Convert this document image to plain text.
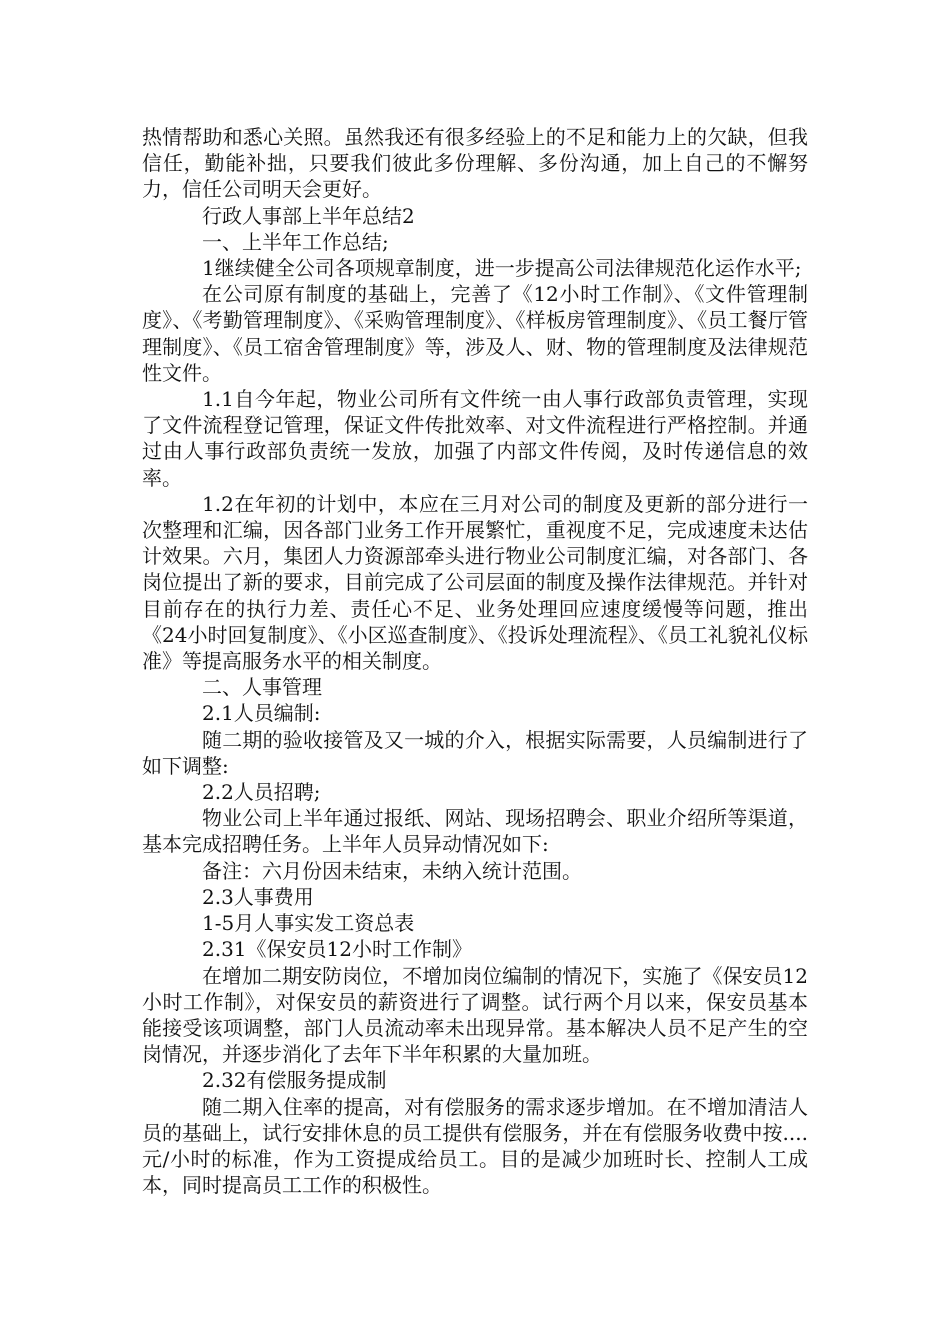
热情帮助和悉心关照。虽然我还有很多经验上的不足和能力上的欠缺，但我信任，勤能补拙，只要我们彼此多份理解、多份沟通，加上自己的不懈努力，信任公司明天会更好。

行政人事部上半年总结2

一、上半年工作总结;

1继续健全公司各项规章制度，进一步提高公司法律规范化运作水平;

在公司原有制度的基础上，完善了《12小时工作制》、《文件管理制度》、《考勤管理制度》、《采购管理制度》、《样板房管理制度》、《员工餐厅管理制度》、《员工宿舍管理制度》等，涉及人、财、物的管理制度及法律规范性文件。

1.1自今年起，物业公司所有文件统一由人事行政部负责管理，实现了文件流程登记管理，保证文件传批效率、对文件流程进行严格控制。并通过由人事行政部负责统一发放，加强了内部文件传阅，及时传递信息的效率。

1.2在年初的计划中，本应在三月对公司的制度及更新的部分进行一次整理和汇编，因各部门业务工作开展繁忙，重视度不足，完成速度未达估计效果。六月，集团人力资源部牵头进行物业公司制度汇编，对各部门、各岗位提出了新的要求，目前完成了公司层面的制度及操作法律规范。并针对目前存在的执行力差、责任心不足、业务处理回应速度缓慢等问题，推出《24小时回复制度》、《小区巡查制度》、《投诉处理流程》、《员工礼貌礼仪标准》等提高服务水平的相关制度。

二、人事管理

2.1人员编制:

随二期的验收接管及又一城的介入，根据实际需要，人员编制进行了如下调整:

2.2人员招聘;

物业公司上半年通过报纸、网站、现场招聘会、职业介绍所等渠道，基本完成招聘任务。上半年人员异动情况如下:

备注：六月份因未结束，未纳入统计范围。

2.3人事费用

1-5月人事实发工资总表

2.31《保安员12小时工作制》

在增加二期安防岗位，不增加岗位编制的情况下，实施了《保安员12小时工作制》，对保安员的薪资进行了调整。试行两个月以来，保安员基本能接受该项调整，部门人员流动率未出现异常。基本解决人员不足产生的空岗情况，并逐步消化了去年下半年积累的大量加班。

2.32有偿服务提成制

随二期入住率的提高，对有偿服务的需求逐步增加。在不增加清洁人员的基础上，试行安排休息的员工提供有偿服务，并在有偿服务收费中按....元/小时的标准，作为工资提成给员工。目的是减少加班时长、控制人工成本，同时提高员工工作的积极性。
